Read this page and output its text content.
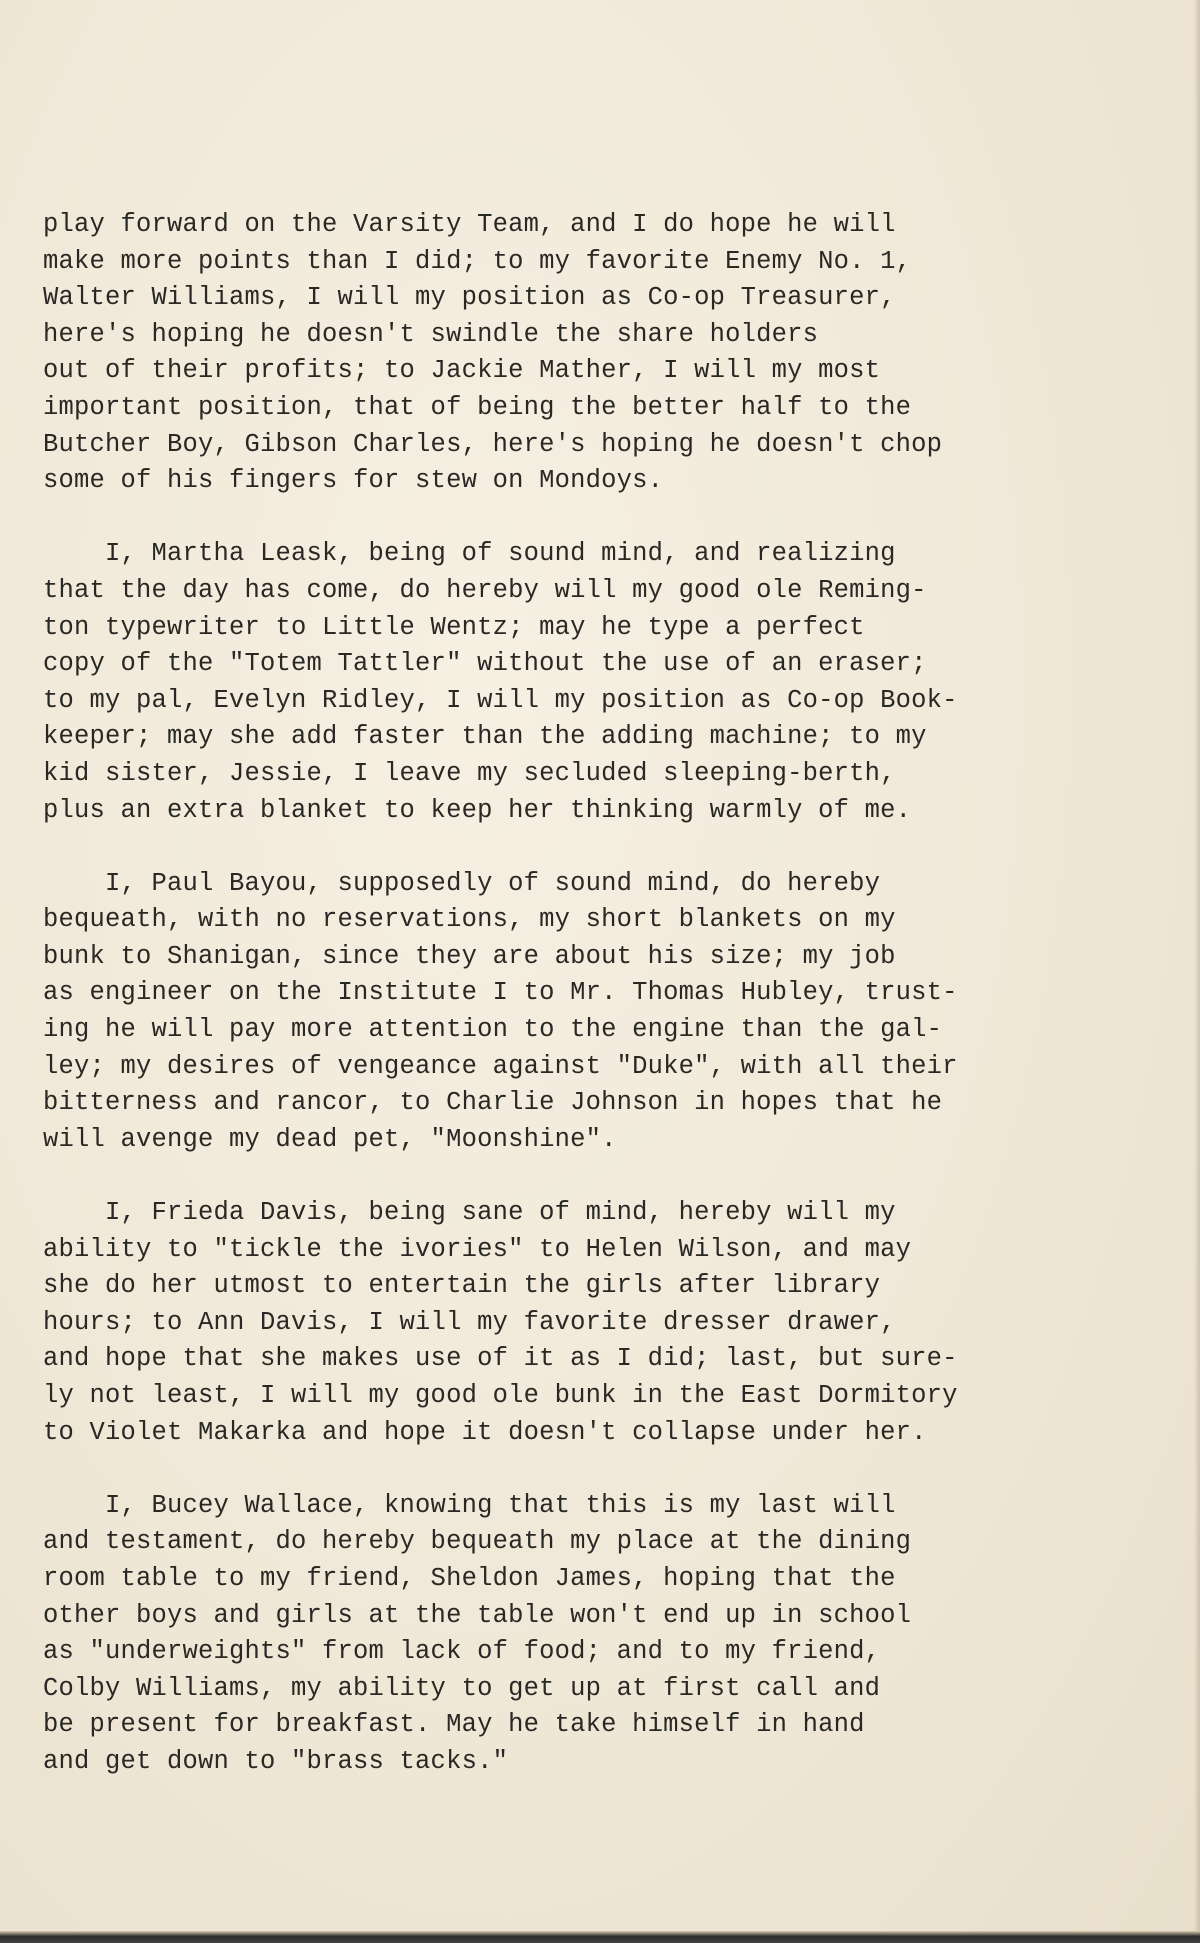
play forward on the Varsity Team, and I do hope he will
make more points than I did; to my favorite Enemy No. 1,
Walter Williams, I will my position as Co-op Treasurer,
here's hoping he doesn't swindle the share holders
out of their profits; to Jackie Mather, I will my most
important position, that of being the better half to the
Butcher Boy, Gibson Charles, here's hoping he doesn't chop
some of his fingers for stew on Mondoys.

I, Martha Leask, being of sound mind, and realizing
that the day has come, do hereby will my good ole Reming-
ton typewriter to Little Wentz; may he type a perfect
copy of the "Totem Tattler" without the use of an eraser;
to my pal, Evelyn Ridley, I will my position as Co-op Book-
keeper; may she add faster than the adding machine; to my
kid sister, Jessie, I leave my secluded sleeping-berth,
plus an extra blanket to keep her thinking warmly of me.

I, Paul Bayou, supposedly of sound mind, do hereby
bequeath, with no reservations, my short blankets on my
bunk to Shanigan, since they are about his size; my job
as engineer on the Institute I to Mr. Thomas Hubley, trust-
ing he will pay more attention to the engine than the gal-
ley; my desires of vengeance against "Duke", with all their
bitterness and rancor, to Charlie Johnson in hopes that he
will avenge my dead pet, "Moonshine".

I, Frieda Davis, being sane of mind, hereby will my
ability to "tickle the ivories" to Helen Wilson, and may
she do her utmost to entertain the girls after library
hours; to Ann Davis, I will my favorite dresser drawer,
and hope that she makes use of it as I did; last, but sure-
ly not least, I will my good ole bunk in the East Dormitory
to Violet Makarka and hope it doesn't collapse under her.

I, Bucey Wallace, knowing that this is my last will
and testament, do hereby bequeath my place at the dining
room table to my friend, Sheldon James, hoping that the
other boys and girls at the table won't end up in school
as "underweights" from lack of food; and to my friend,
Colby Williams, my ability to get up at first call and
be present for breakfast. May he take himself in hand
and get down to "brass tacks."
